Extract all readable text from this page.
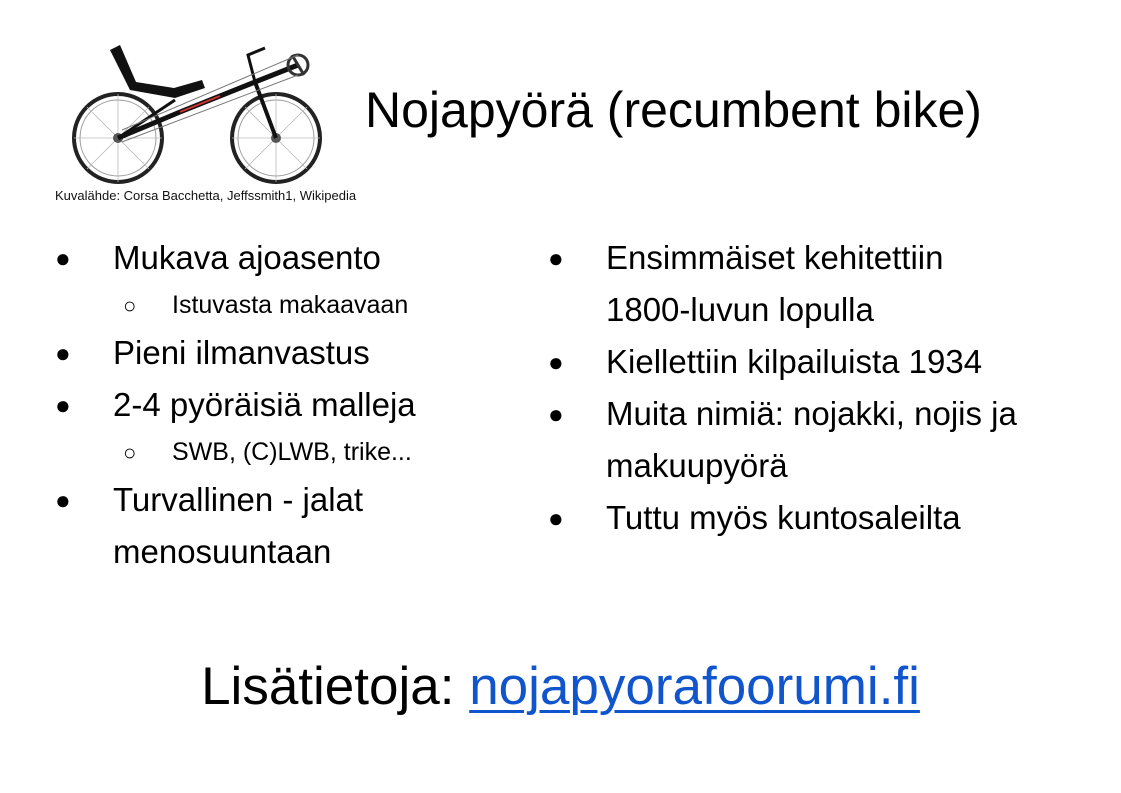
Kuvalähde: Corsa Bacchetta, Jeffssmith1, Wikipedia
Nojapyörä (recumbent bike)
●	Mukava ajoasento
○ Istuvasta makaavaan
●	Pieni ilmanvastus
●	2-4 pyöräisiä malleja
○ SWB, (C)LWB, trike...
●	Turvallinen - jalat menosuuntaan
●	Ensimmäiset kehitettiin 1800-luvun lopulla
●	Kiellettiin kilpailuista 1934
●	Muita nimiä: nojakki, nojis ja makuupyörä
●	Tuttu myös kuntosaleilta
Lisätietoja: nojapyorafoorumi.fi
